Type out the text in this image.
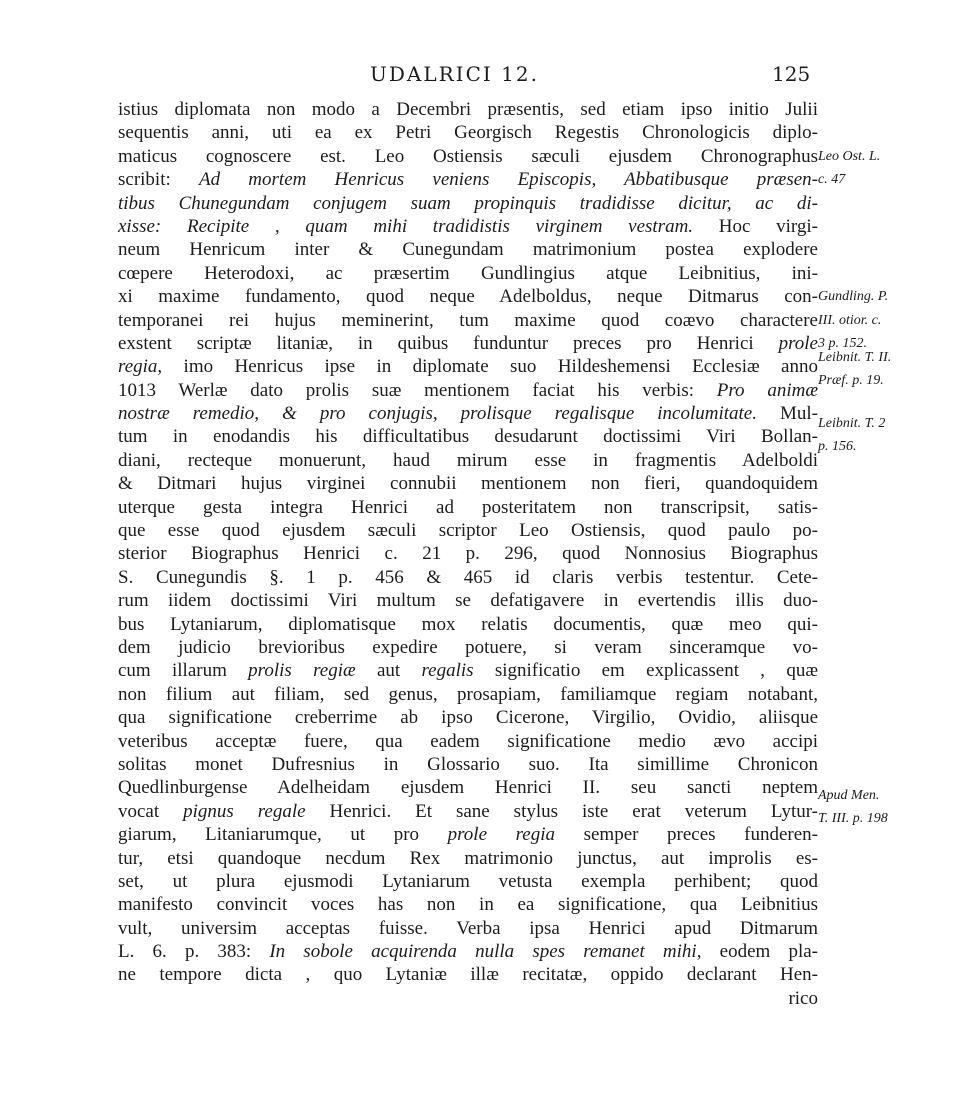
UDALRICI 12.	125
istius diplomata non modo a Decembri præsentis, sed etiam ipso initio Julii
sequentis anni, uti ea ex Petri Georgisch Regestis Chronologicis diplo-
maticus cognoscere est. Leo Ostiensis sæculi ejusdem Chronographus
scribit: Ad mortem Henricus veniens Episcopis, Abbatibusque præsen-
tibus Chunegundam conjugem suam propinquis tradidisse dicitur, ac di-
xisse: Recipite , quam mihi tradidistis virginem vestram. Hoc virgi-
neum Henricum inter & Cunegundam matrimonium postea explodere
cœpere Heterodoxi, ac præsertim Gundlingius atque Leibnitius, ini-
xi maxime fundamento, quod neque Adelboldus, neque Ditmarus con-
temporanei rei hujus meminerint, tum maxime quod coævo charactere
exstent scriptæ litaniæ, in quibus funduntur preces pro Henrici prole
regia, imo Henricus ipse in diplomate suo Hildeshemensi Ecclesiæ anno
1013 Werlæ dato prolis suæ mentionem faciat his verbis: Pro animæ
nostræ remedio, & pro conjugis, prolisque regalisque incolumitate. Mul-
tum in enodandis his difficultatibus desudarunt doctissimi Viri Bollan-
diani, recteque monuerunt, haud mirum esse in fragmentis Adelboldi
& Ditmari hujus virginei connubii mentionem non fieri, quandoquidem
uterque gesta integra Henrici ad posteritatem non transcripsit, satis-
que esse quod ejusdem sæculi scriptor Leo Ostiensis, quod paulo po-
sterior Biographus Henrici c. 21 p. 296, quod Nonnosius Biographus
S. Cunegundis §. 1 p. 456 & 465 id claris verbis testentur. Cete-
rum iidem doctissimi Viri multum se defatigavere in evertendis illis duo-
bus Lytaniarum, diplomatisque mox relatis documentis, quæ meo qui-
dem judicio brevioribus expedire potuere, si veram sinceramque vo-
cum illarum prolis regiæ aut regalis significatio em explicassent , quæ
non filium aut filiam, sed genus, prosapiam, familiamque regiam notabant,
qua significatione creberrime ab ipso Cicerone, Virgilio, Ovidio, aliisque
veteribus acceptæ fuere, qua eadem significatione medio ævo accipi
solitas monet Dufresnius in Glossario suo. Ita simillime Chronicon
Quedlinburgense Adelheidam ejusdem Henrici II. seu sancti neptem
vocat pignus regale Henrici. Et sane stylus iste erat veterum Lytur-
giarum, Litaniarumque, ut pro prole regia semper preces funderen-
tur, etsi quandoque necdum Rex matrimonio junctus, aut improlis es-
set, ut plura ejusmodi Lytaniarum vetusta exempla perhibent; quod
manifesto convincit voces has non in ea significatione, qua Leibnitius
vult, universim acceptas fuisse. Verba ipsa Henrici apud Ditmarum
L. 6. p. 383: In sobole acquirenda nulla spes remanet mihi, eodem pla-
ne tempore dicta , quo Lytaniæ illæ recitatæ, oppido declarant Hen-
rico
Leo Ost. L.
c. 47
Gundling. P.
III. otior. c.
3 p. 152.
Leibnit. T. II.
Præf. p. 19.
Leibnit. T. 2
p. 156.
Apud Men.
T. III. p. 198
